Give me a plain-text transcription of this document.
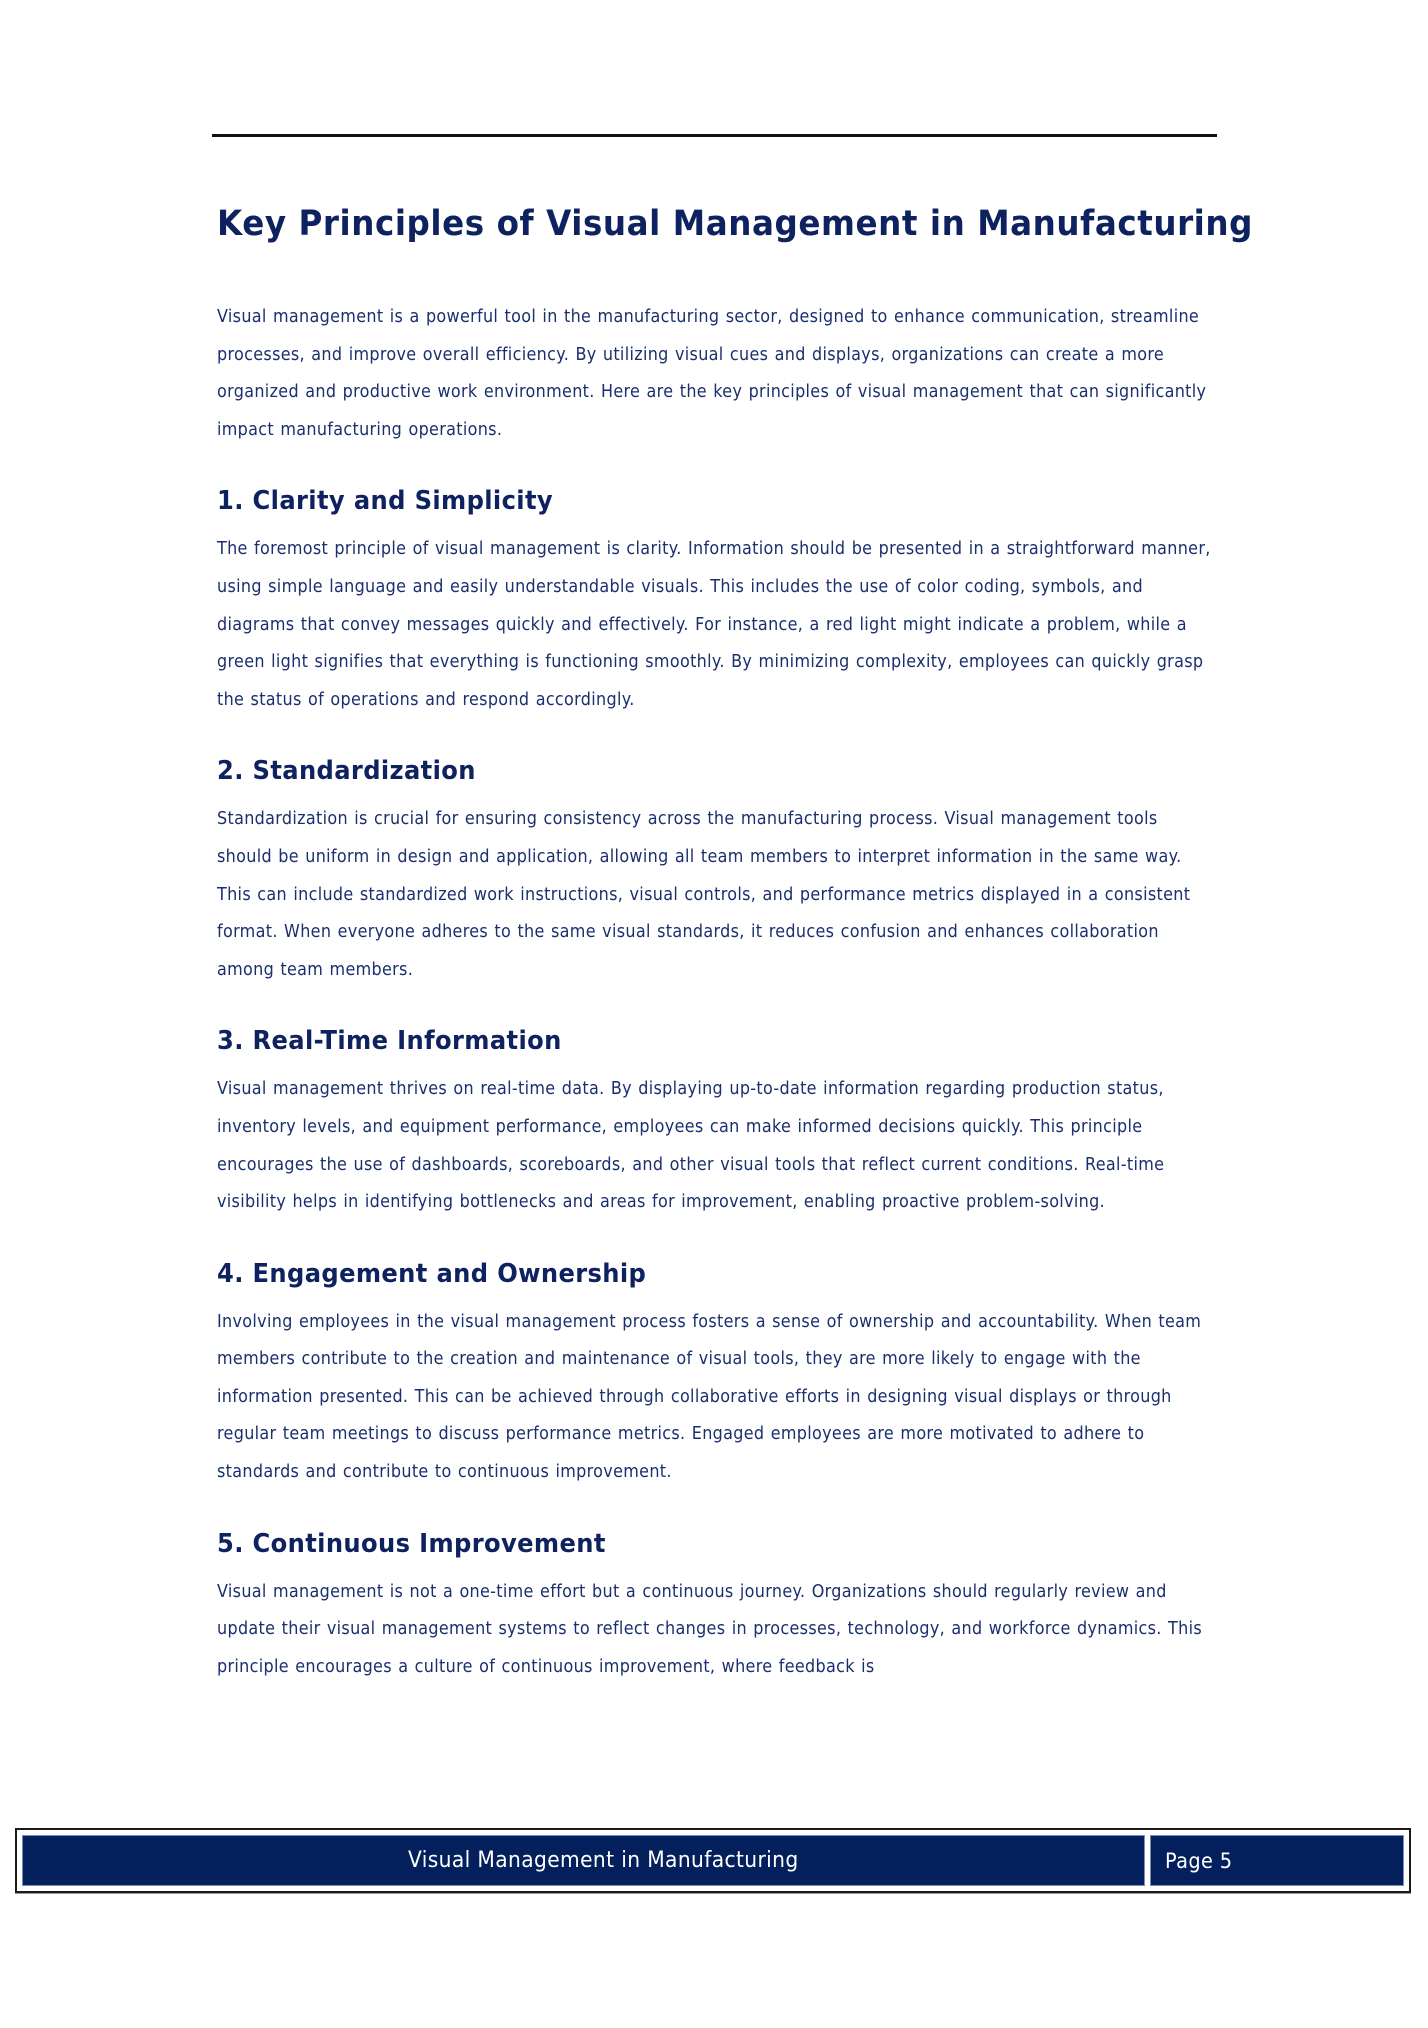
Key Principles of Visual Management in Manufacturing

Visual management is a powerful tool in the manufacturing sector, designed to enhance communication, streamline processes, and improve overall efficiency. By utilizing visual cues and displays, organizations can create a more organized and productive work environment. Here are the key principles of visual management that can significantly impact manufacturing operations.

1. Clarity and Simplicity

The foremost principle of visual management is clarity. Information should be presented in a straightforward manner, using simple language and easily understandable visuals. This includes the use of color coding, symbols, and diagrams that convey messages quickly and effectively. For instance, a red light might indicate a problem, while a green light signifies that everything is functioning smoothly. By minimizing complexity, employees can quickly grasp the status of operations and respond accordingly.

2. Standardization

Standardization is crucial for ensuring consistency across the manufacturing process. Visual management tools should be uniform in design and application, allowing all team members to interpret information in the same way. This can include standardized work instructions, visual controls, and performance metrics displayed in a consistent format. When everyone adheres to the same visual standards, it reduces confusion and enhances collaboration among team members.

3. Real-Time Information

Visual management thrives on real-time data. By displaying up-to-date information regarding production status, inventory levels, and equipment performance, employees can make informed decisions quickly. This principle encourages the use of dashboards, scoreboards, and other visual tools that reflect current conditions. Real-time visibility helps in identifying bottlenecks and areas for improvement, enabling proactive problem-solving.

4. Engagement and Ownership

Involving employees in the visual management process fosters a sense of ownership and accountability. When team members contribute to the creation and maintenance of visual tools, they are more likely to engage with the information presented. This can be achieved through collaborative efforts in designing visual displays or through regular team meetings to discuss performance metrics. Engaged employees are more motivated to adhere to standards and contribute to continuous improvement.

5. Continuous Improvement

Visual management is not a one-time effort but a continuous journey. Organizations should regularly review and update their visual management systems to reflect changes in processes, technology, and workforce dynamics. This principle encourages a culture of continuous improvement, where feedback is

Visual Management in Manufacturing	Page 5
